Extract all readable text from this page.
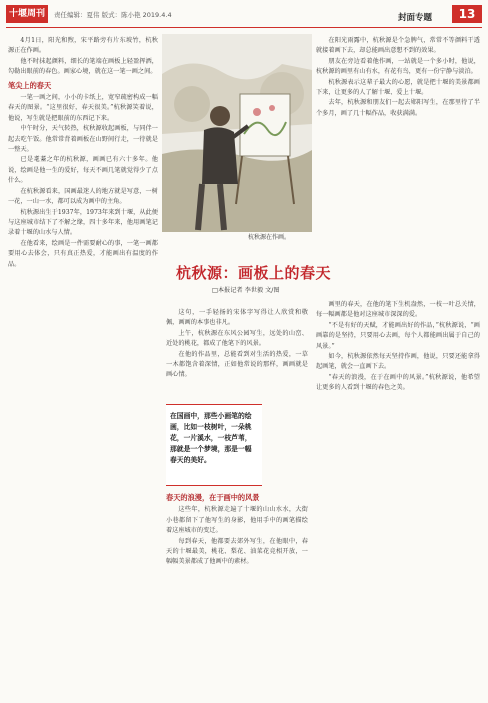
十堰周刊	责任编辑：夏伟 版式：陈小艳 2019.4.4	封面专题	13

4月1日，阳光和煦，宋平路旁有片东坡竹，杭秋源正在作画。

他不时抹起颜料，细长的笔端在画板上轻盈挥洒，勾勒出眼前的春色。画家心境，就在这一笔一画之间。

笔尖上的春天

一笔一画之间，小小的卡纸上，宽窄疏密构成一幅春天的图景。“这里很好，春天很美。”杭秋源笑着说，他说，写生就是把眼前的东西记下来。

中午时分，天气转热，杭秋源收起画板，与同伴一起去吃午饭。他常常背着画板在山野间行走，一待就是一整天。

已是耄耋之年的杭秋源，画画已有六十多年。他说，绘画是他一生的爱好，每天不画几笔就觉得少了点什么。

在杭秋源看来，国画最迷人的地方就是写意，一树一花，一山一水，都可以成为画中的主角。

杭秋源出生于1937年，1973年来到十堰，从此便与这座城市结下了不解之缘，四十多年来，他用画笔记录着十堰的山水与人情。

在他看来，绘画是一件需要耐心的事，一笔一画都要用心去体会，只有真正热爱，才能画出有温度的作品。

杭秋源在作画。
杭秋源：画板上的春天
□本报记者 李世毅 文/图

这句，一手轻扬的宋体字写得让人欣赏和敬佩，画画的本事也非凡。

上午，杭秋源在东风公园写生，远处的山峦、近处的桃花，都成了他笔下的风景。

在他的作品里，总能看到对生活的热爱，一草一木都饱含着深情，正如他常说的那样，画画就是画心情。

在国画中，那些小画笔的绘画，比如一枝树叶，一朵桃花，一片溪水，一枝芦苇，那就是一个梦境，那是一幅春天的美好。
春天的浪漫，在于画中的风景

这些年，杭秋源走遍了十堰的山山水水，大街小巷都留下了他写生的身影，他用手中的画笔描绘着这座城市的变迁。

每到春天，他都要去郊外写生，在他眼中，春天的十堰最美，桃花、梨花、油菜花竞相开放，一幅幅美景都成了他画中的素材。

在阳光雨露中，杭秋源是个急脾气，常常不等颜料干透就接着画下去，却总能画出意想不到的效果。

朋友在旁边看着他作画，一站就是一个多小时，他说，杭秋源的画里有山有水，有花有鸟，更有一份宁静与淡泊。

杭秋源表示这辈子最大的心愿，就是把十堰的美景都画下来，让更多的人了解十堰、爱上十堰。

去年，杭秋源和朋友们一起去郧阳写生，在那里待了半个多月，画了几十幅作品，收获满满。

画里的春天，在他的笔下生机盎然，一枝一叶总关情，每一幅画都是他对这座城市深深的爱。

“不是有好的天赋，才能画出好的作品，”杭秋源说，“画画靠的是坚持，只要用心去画，每个人都能画出属于自己的风景。”

如今，杭秋源依然每天坚持作画，他说，只要还能拿得起画笔，就会一直画下去。

“春天的浪漫，在于在画中的风景。”杭秋源说，他希望让更多的人看到十堰的春色之美。
